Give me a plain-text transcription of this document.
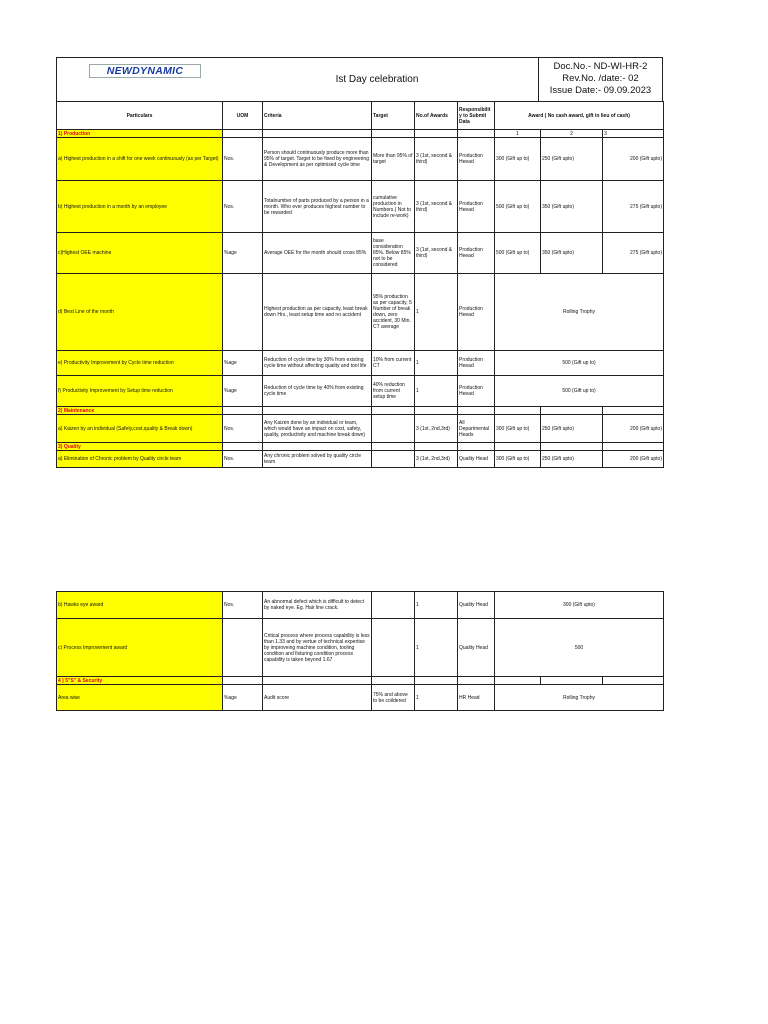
NEWDYNAMIC
Ist Day celebration
Doc.No.- ND-WI-HR-2
Rev.No. /date:- 02
Issue Date:- 09.09.2023
Particulars	UOM	Criteria	Target	No.of Awards	Responsibilit y to Submit Data	Award ( No cash award, gift in lieu of cash)		
1) Production						1	2	3
a) Highest production in a shift for one week continuously (as per Target)	Nos.	Person should continuously produce more than 95% of target. Target to be fixed by engineering & Development as per optimised cycle time	More than 95% of target	3 (1st, second & third)	Production Heead	300 (Gift up to)	250 (Gift upto)	200 (Gift upto)
b) Highest production in a month by an employee	Nos.	Totalnumber of parts produced by a person in a month. Who ever produces highest number to be rewarded	cumulative production in Numbers.( Not to include re-work)	3 (1st, second & third)	Production Heead	500 (Gift up to)	350 (Gift upto)	275 (Gift upto)
c)Highest OEE machine	%age	Average OEE for the month should cross 85%	base consideration 85%. Below 85% not to be considered	3 (1st, second & third)	Production Heead	500 (Gift up to)	350 (Gift upto)	275 (Gift upto)
d) Best Line of the month		Highest production as per capacity, least break down Hrs., least setup time and no accident	95% production as per capacity, 5 Number of break down, zero accident, 30 Min. CT average	1	Production Heead	Rolling Trophy		
e) Productivity Improvement by Cycle time reduction	%age	Reduction of cycle time by 30% from existing cycle time without affecting quality and tool life	10% from current CT	1	Production Heead	500 (Gift up to)		
f) Productivity Improvement by Setup time reduction	%age	Reduction of cycle time by 40% from existing cycle time	40% reduction from current setup time	1	Production Heead	500 (Gift up to)		
2) Maintenance								
a) Kaizen by an individual (Safety,cost,quality & Break down)	Nos.	Any Kaizen done by an individual or team, which would have an impact on cost, safety, quality, productivity and machine break down)		3 (1st, 2nd,3rd)	All Departmental Heads	300 (Gift up to)	250 (Gift upto)	200 (Gift upto)
3) Quality								
a) Elimination of Chronic problem by Quality circle team	Nos.	Any chronic problem solved by quality circle team		3 (1st, 2nd,3rd)	Quality Head	300 (Gift up to)	250 (Gift upto)	200 (Gift upto)
b) Hawks eye award	Nos.	An abnormal defect which is difficult to detect by naked eye. Eg. Hair line crack.		1	Quality Head	300 (Gift upto)		
c) Process Improvement award		Critical process where process capability is less than 1.33 and by vertue of technical expertise by improveing machine condition, tooling condition and fixturing condition process capability is taken beyond 1.67		1	Quality Head	500		
4 ) 5"S" & Security								
Area wise	%age	Audit score	75% and above to be coildered	1	HR Head	Rolling Trophy		
